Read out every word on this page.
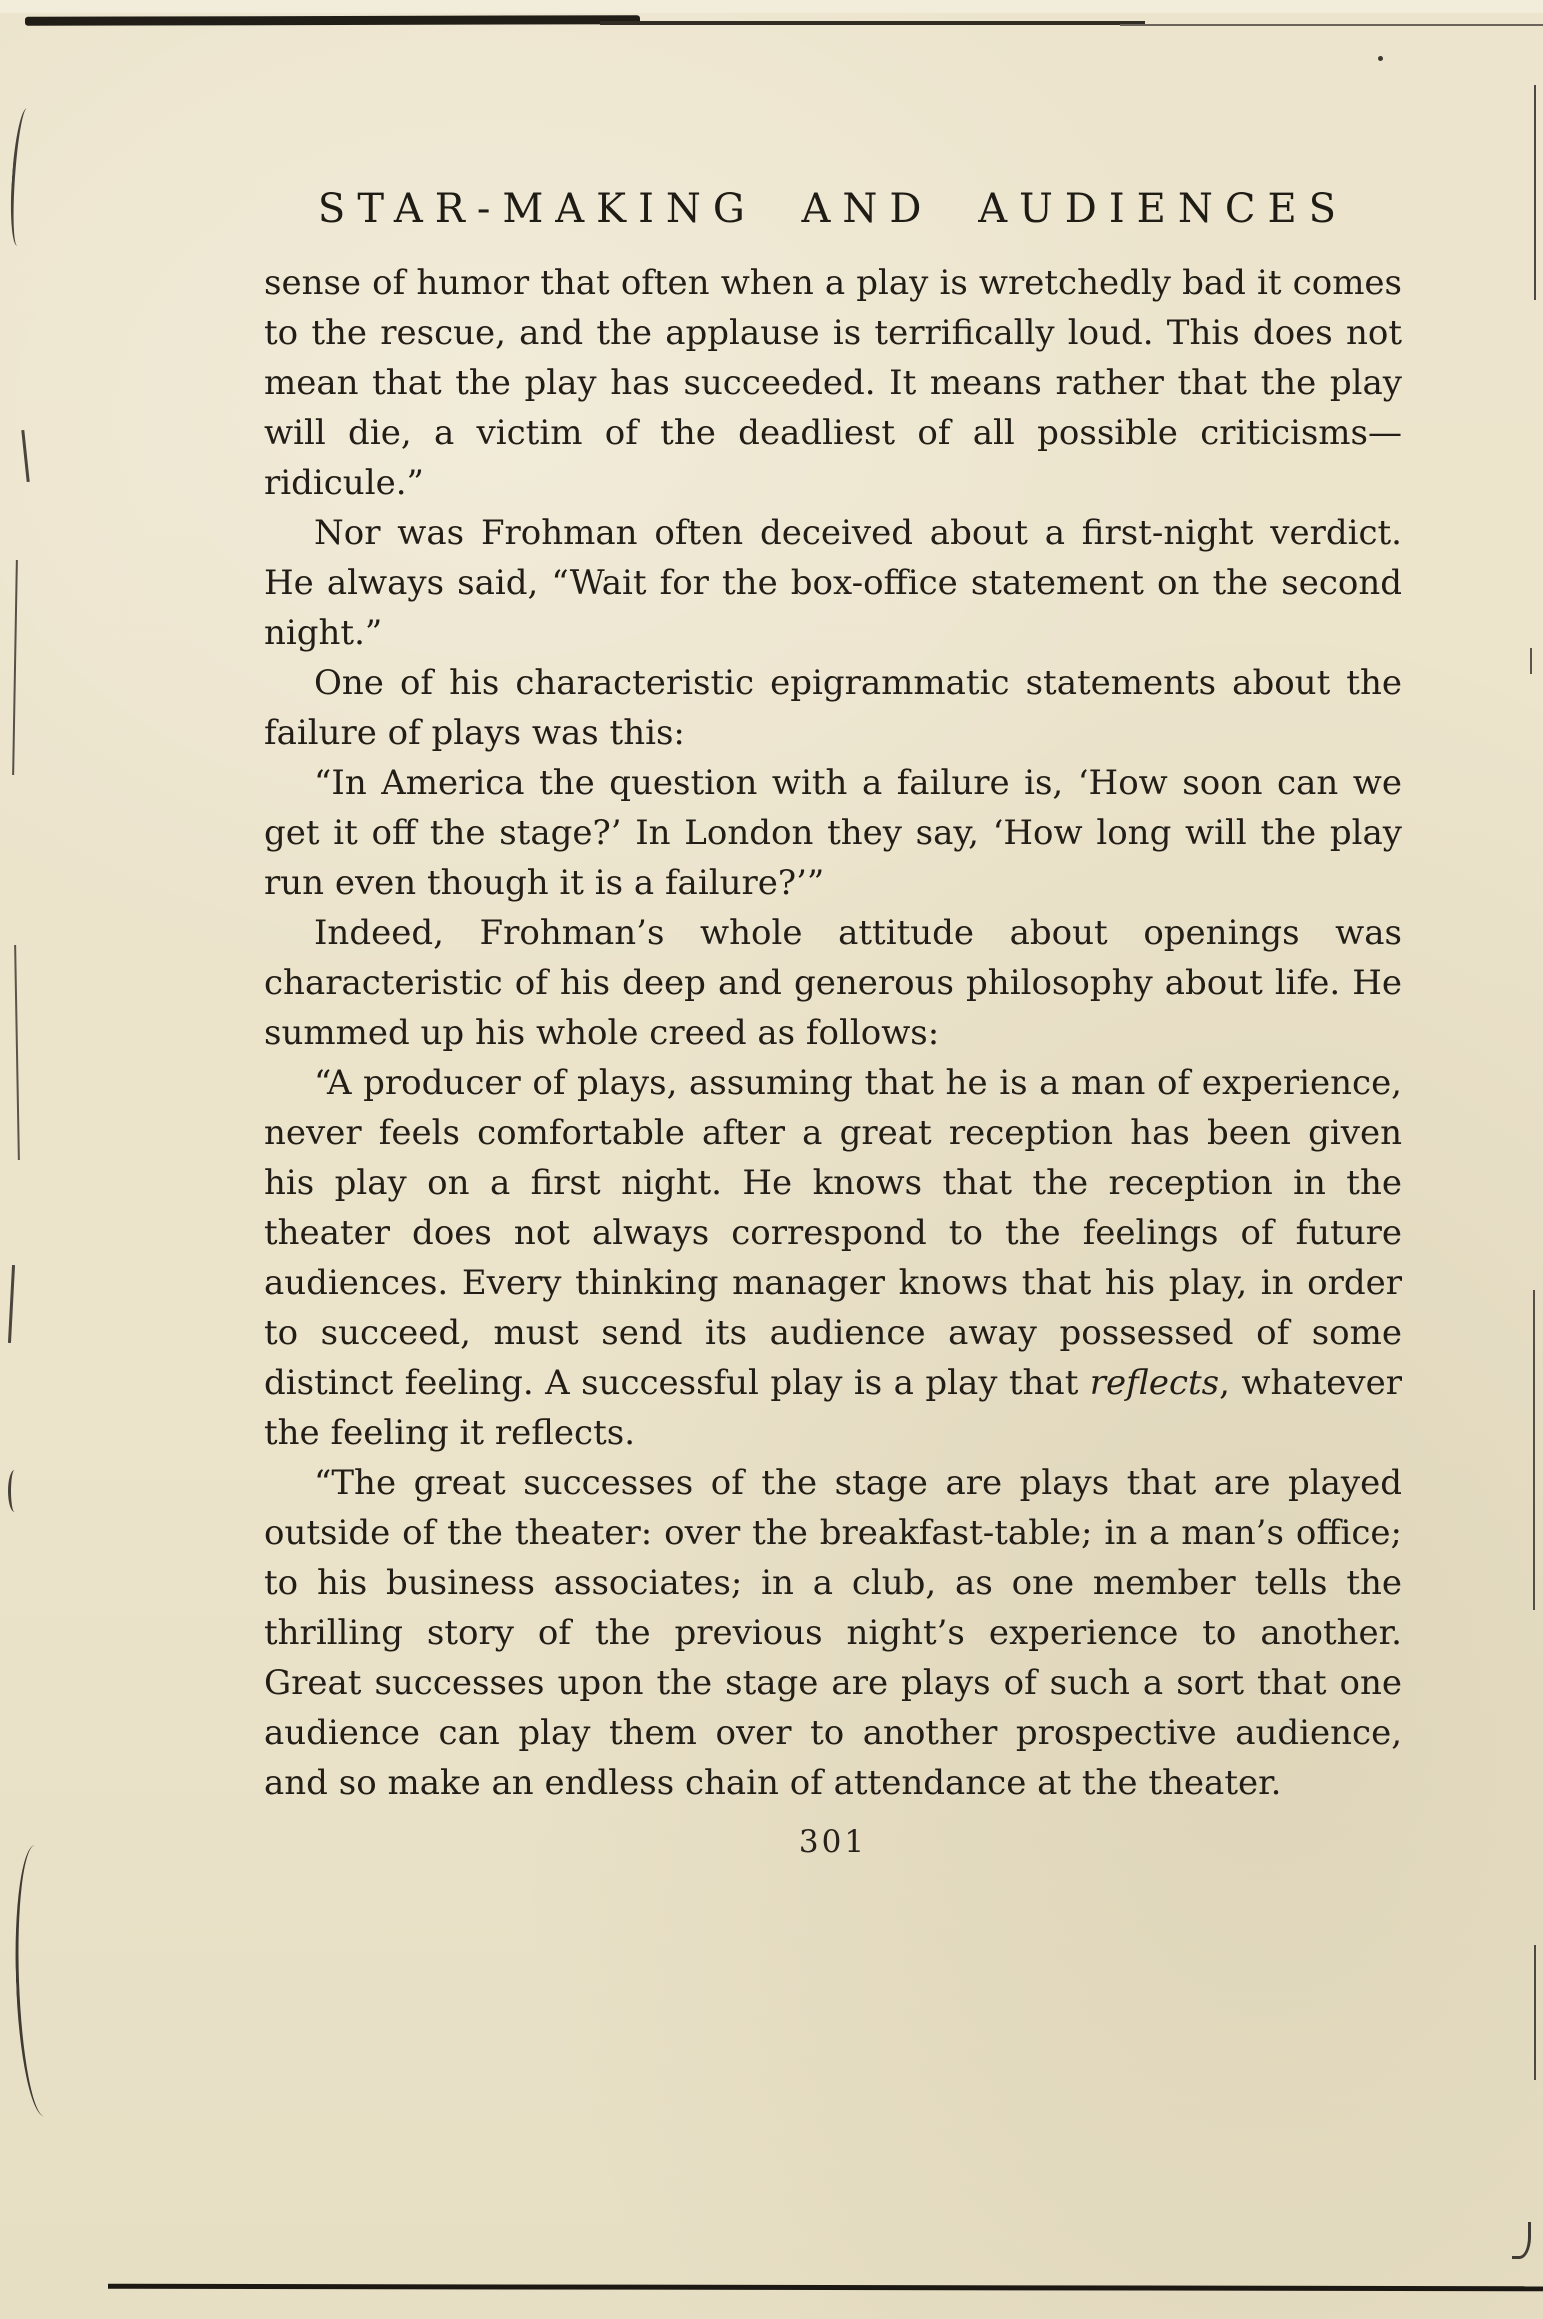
STAR-MAKING AND AUDIENCES

sense of humor that often when a play is wretchedly bad it comes to the rescue, and the applause is terrifically loud. This does not mean that the play has succeeded. It means rather that the play will die, a victim of the deadliest of all possible criticisms—ridicule.”

Nor was Frohman often deceived about a first-night verdict. He always said, “Wait for the box-office statement on the second night.”

One of his characteristic epigrammatic statements about the failure of plays was this:

“In America the question with a failure is, ‘How soon can we get it off the stage?’ In London they say, ‘How long will the play run even though it is a failure?’”

Indeed, Frohman’s whole attitude about openings was characteristic of his deep and generous philosophy about life. He summed up his whole creed as follows:

“A producer of plays, assuming that he is a man of experience, never feels comfortable after a great reception has been given his play on a first night. He knows that the reception in the theater does not always correspond to the feelings of future audiences. Every thinking manager knows that his play, in order to succeed, must send its audience away possessed of some distinct feeling. A successful play is a play that reflects, whatever the feeling it reflects.

“The great successes of the stage are plays that are played outside of the theater: over the breakfast-table; in a man’s office; to his business associates; in a club, as one member tells the thrilling story of the previous night’s experience to another. Great successes upon the stage are plays of such a sort that one audience can play them over to another prospective audience, and so make an endless chain of attendance at the theater.

301
